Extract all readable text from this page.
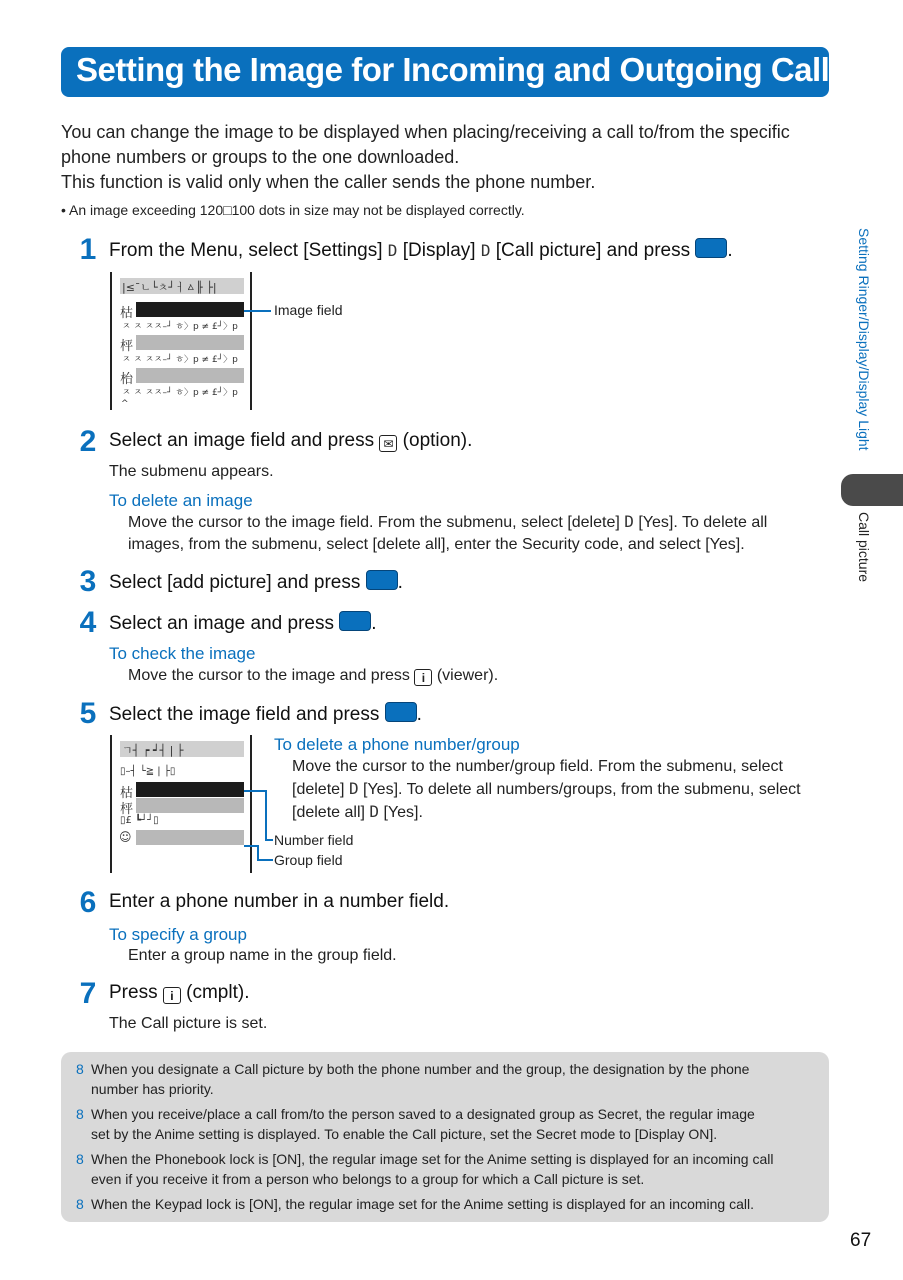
Setting the Image for Incoming and Outgoing Calls

You can change the image to be displayed when placing/receiving a call to/from the specific

phone numbers or groups to the one downloaded.

This function is valid only when the caller sends the phone number.

• An image exceeding 120□100 dots in size may not be displayed correctly.
1 From the Menu, select [Settings] D [Display] D [Call picture] and press .
|≤ˉㄴ└ㅊ┘ㅓㅿ╟ ├|
枯
ㅈ ㅈ ㅈㅈ–┘ ㅎ〉p ≠ £┘〉p
枰
ㅈ ㅈ ㅈㅈ–┘ ㅎ〉p ≠ £┘〉p
枱
ㅈ ㅈ ㅈㅈ–┘ ㅎ〉p ≠ £┘〉p
^
Image field
2 Select an image field and press ✉ (option).
The submenu appears.
To delete an image
Move the cursor to the image field. From the submenu, select [delete] D [Yes]. To delete all
images, from the submenu, select [delete all], enter the Security code, and select [Yes].
3 Select [add picture] and press .
4 Select an image and press .
To check the image
Move the cursor to the image and press i (viewer).
5 Select the image field and press .
ㄱ┤ ┍ ┙┤ | ├
▯–┤ └≧ | ├▯
枯
枰
▯£ ┗┘┘▯
☺	Number field
Group field
To delete a phone number/group
Move the cursor to the number/group field. From the submenu, select
[delete] D [Yes]. To delete all numbers/groups, from the submenu, select
[delete all] D [Yes].
6 Enter a phone number in a number field.
To specify a group
Enter a group name in the group field.
7 Press i (cmplt).
The Call picture is set.
8 When you designate a Call picture by both the phone number and the group, the designation by the phone
number has priority.
8 When you receive/place a call from/to the person saved to a designated group as Secret, the regular image
set by the Anime setting is displayed. To enable the Call picture, set the Secret mode to [Display ON].
8 When the Phonebook lock is [ON], the regular image set for the Anime setting is displayed for an incoming call
even if you receive it from a person who belongs to a group for which a Call picture is set.
8 When the Keypad lock is [ON], the regular image set for the Anime setting is displayed for an incoming call.
Setting Ringer/Display/Display Light
Call picture
67
